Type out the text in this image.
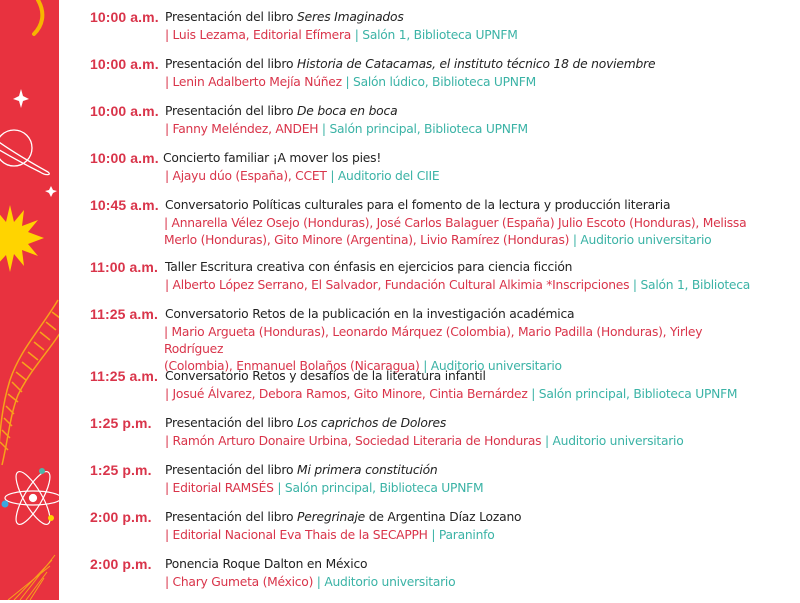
10:00 a.m. Presentación del libro Seres Imaginados
| Luis Lezama, Editorial Efímera | Salón 1, Biblioteca UPNFM
10:00 a.m. Presentación del libro Historia de Catacamas, el instituto técnico 18 de noviembre
| Lenin Adalberto Mejía Núñez | Salón lúdico, Biblioteca UPNFM
10:00 a.m. Presentación del libro De boca en boca
| Fanny Meléndez, ANDEH | Salón principal, Biblioteca UPNFM
10:00 a.m. Concierto familiar ¡A mover los pies!
| Ajayu dúo (España), CCET | Auditorio del CIIE
10:45 a.m. Conversatorio Políticas culturales para el fomento de la lectura y producción literaria
| Annarella Vélez Osejo (Honduras), José Carlos Balaguer (España) Julio Escoto (Honduras), Melissa
Merlo (Honduras), Gito Minore (Argentina), Livio Ramírez (Honduras) | Auditorio universitario
11:00 a.m. Taller Escritura creativa con énfasis en ejercicios para ciencia ficción
| Alberto López Serrano, El Salvador, Fundación Cultural Alkimia *Inscripciones | Salón 1, Biblioteca
11:25 a.m. Conversatorio Retos de la publicación en la investigación académica
| Mario Argueta (Honduras), Leonardo Márquez (Colombia), Mario Padilla (Honduras), Yirley Rodríguez
(Colombia), Enmanuel Bolaños (Nicaragua) | Auditorio universitario
11:25 a.m. Conversatorio Retos y desafíos de la literatura infantil
| Josué Álvarez, Debora Ramos, Gito Minore, Cintia Bernárdez | Salón principal, Biblioteca UPNFM
1:25 p.m. Presentación del libro Los caprichos de Dolores
| Ramón Arturo Donaire Urbina, Sociedad Literaria de Honduras | Auditorio universitario
1:25 p.m. Presentación del libro Mi primera constitución
| Editorial RAMSÉS | Salón principal, Biblioteca UPNFM
2:00 p.m. Presentación del libro Peregrinaje de Argentina Díaz Lozano
| Editorial Nacional Eva Thais de la SECAPPH | Paraninfo
2:00 p.m. Ponencia Roque Dalton en México
| Chary Gumeta (México) | Auditorio universitario
